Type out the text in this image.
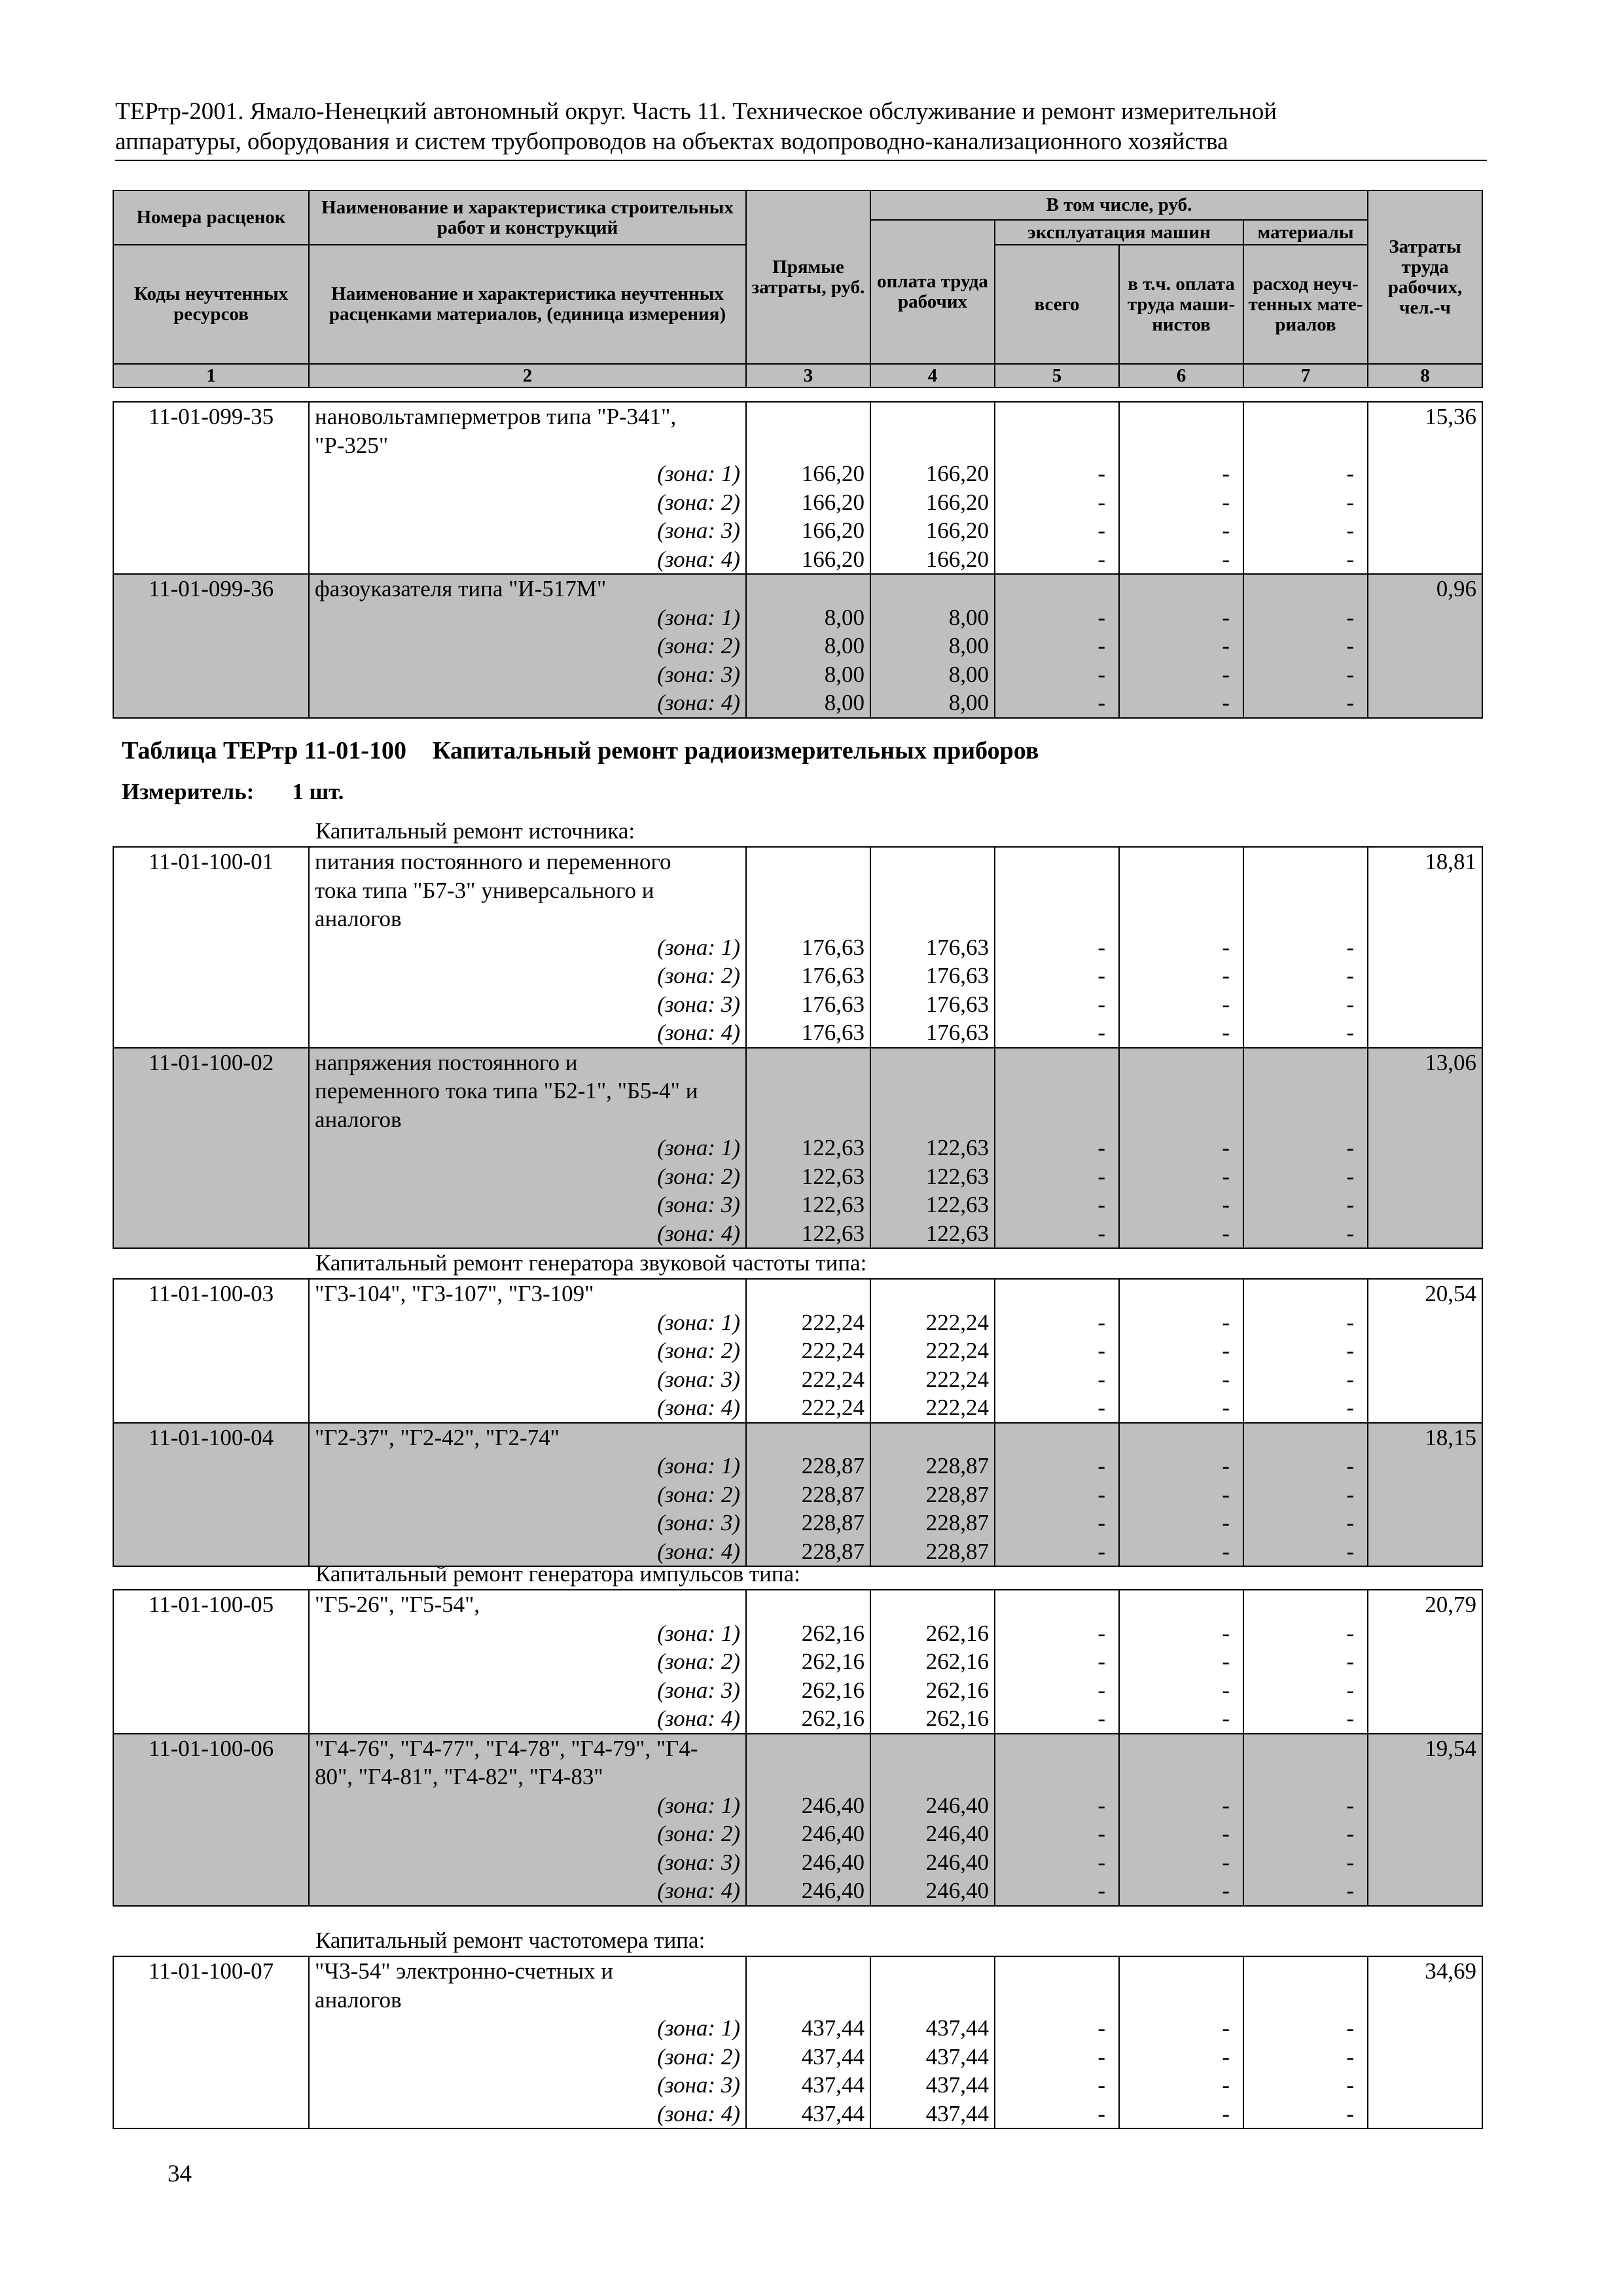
ТЕРтр-2001. Ямало-Ненецкий автономный округ. Часть 11. Техническое обслуживание и ремонт измерительной
аппаратуры, оборудования и систем трубопроводов на объектах водопроводно-канализационного хозяйства
Номера расценок	Наименование и характеристика строительных работ и конструкций	Прямые затраты, руб.	В том числе, руб.				Затраты труда рабочих, чел.-ч
			оплата труда рабочих	эксплуатация машин		материалы	
Коды неучтенных ресурсов	Наименование и характеристика неучтенных расценками материалов, (единица измерения)			всего	в т.ч. оплата труда маши- нистов	расход неуч- тенных мате- риалов	

1	2	3	4	5	6	7	8
11-01-099-35	нановольтамперметров типа "Р-341",						15,36
	"Р-325"						
	(зона: 1)	166,20	166,20	-	-	-	
	(зона: 2)	166,20	166,20	-	-	-	
	(зона: 3)	166,20	166,20	-	-	-	
	(зона: 4)	166,20	166,20	-	-	-	
11-01-099-36	фазоуказателя типа "И-517М"						0,96
	(зона: 1)	8,00	8,00	-	-	-	
	(зона: 2)	8,00	8,00	-	-	-	
	(зона: 3)	8,00	8,00	-	-	-	
	(зона: 4)	8,00	8,00	-	-	-	
Таблица ТЕРтр 11-01-100 Капитальный ремонт радиоизмерительных приборов
Измеритель: 1 шт.
Капитальный ремонт источника:
11-01-100-01	питания постоянного и переменного						18,81
	тока типа "Б7-3" универсального и						
	аналогов						
	(зона: 1)	176,63	176,63	-	-	-	
	(зона: 2)	176,63	176,63	-	-	-	
	(зона: 3)	176,63	176,63	-	-	-	
	(зона: 4)	176,63	176,63	-	-	-	
11-01-100-02	напряжения постоянного и						13,06
	переменного тока типа "Б2-1", "Б5-4" и						
	аналогов						
	(зона: 1)	122,63	122,63	-	-	-	
	(зона: 2)	122,63	122,63	-	-	-	
	(зона: 3)	122,63	122,63	-	-	-	
	(зона: 4)	122,63	122,63	-	-	-	
Капитальный ремонт генератора звуковой частоты типа:
11-01-100-03	"Г3-104", "Г3-107", "Г3-109"						20,54
	(зона: 1)	222,24	222,24	-	-	-	
	(зона: 2)	222,24	222,24	-	-	-	
	(зона: 3)	222,24	222,24	-	-	-	
	(зона: 4)	222,24	222,24	-	-	-	
11-01-100-04	"Г2-37", "Г2-42", "Г2-74"						18,15
	(зона: 1)	228,87	228,87	-	-	-	
	(зона: 2)	228,87	228,87	-	-	-	
	(зона: 3)	228,87	228,87	-	-	-	
	(зона: 4)	228,87	228,87	-	-	-	
Капитальный ремонт генератора импульсов типа:
11-01-100-05	"Г5-26", "Г5-54",						20,79
	(зона: 1)	262,16	262,16	-	-	-	
	(зона: 2)	262,16	262,16	-	-	-	
	(зона: 3)	262,16	262,16	-	-	-	
	(зона: 4)	262,16	262,16	-	-	-	
11-01-100-06	"Г4-76", "Г4-77", "Г4-78", "Г4-79", "Г4-						19,54
	80", "Г4-81", "Г4-82", "Г4-83"						
	(зона: 1)	246,40	246,40	-	-	-	
	(зона: 2)	246,40	246,40	-	-	-	
	(зона: 3)	246,40	246,40	-	-	-	
	(зона: 4)	246,40	246,40	-	-	-	
Капитальный ремонт частотомера типа:
11-01-100-07	"Ч3-54" электронно-счетных и						34,69
	аналогов						
	(зона: 1)	437,44	437,44	-	-	-	
	(зона: 2)	437,44	437,44	-	-	-	
	(зона: 3)	437,44	437,44	-	-	-	
	(зона: 4)	437,44	437,44	-	-	-	
34
